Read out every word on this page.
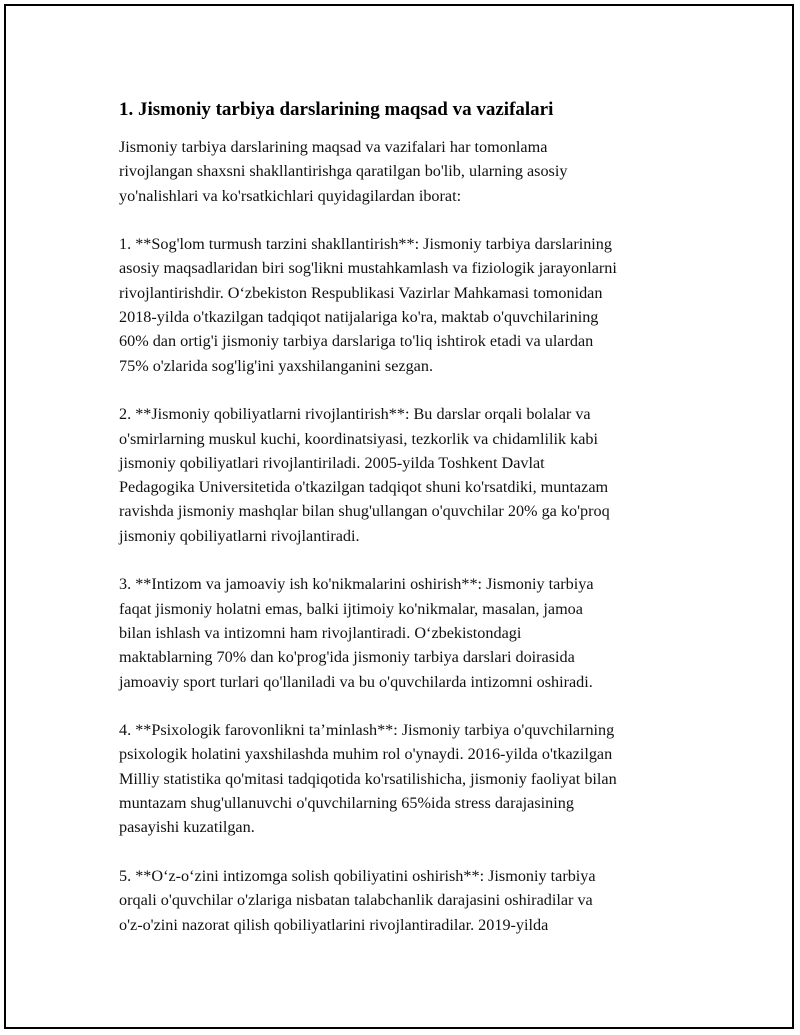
1. Jismoniy tarbiya darslarining maqsad va vazifalari

Jismoniy tarbiya darslarining maqsad va vazifalari har tomonlama
rivojlangan shaxsni shakllantirishga qaratilgan bo'lib, ularning asosiy
yo'nalishlari va ko'rsatkichlari quyidagilardan iborat:

1. **Sog'lom turmush tarzini shakllantirish**: Jismoniy tarbiya darslarining
asosiy maqsadlaridan biri sog'likni mustahkamlash va fiziologik jarayonlarni
rivojlantirishdir. O‘zbekiston Respublikasi Vazirlar Mahkamasi tomonidan
2018-yilda o'tkazilgan tadqiqot natijalariga ko'ra, maktab o'quvchilarining
60% dan ortig'i jismoniy tarbiya darslariga to'liq ishtirok etadi va ulardan
75% o'zlarida sog'lig'ini yaxshilanganini sezgan.

2. **Jismoniy qobiliyatlarni rivojlantirish**: Bu darslar orqali bolalar va
o'smirlarning muskul kuchi, koordinatsiyasi, tezkorlik va chidamlilik kabi
jismoniy qobiliyatlari rivojlantiriladi. 2005-yilda Toshkent Davlat
Pedagogika Universitetida o'tkazilgan tadqiqot shuni ko'rsatdiki, muntazam
ravishda jismoniy mashqlar bilan shug'ullangan o'quvchilar 20% ga ko'proq
jismoniy qobiliyatlarni rivojlantiradi.

3. **Intizom va jamoaviy ish ko'nikmalarini oshirish**: Jismoniy tarbiya
faqat jismoniy holatni emas, balki ijtimoiy ko'nikmalar, masalan, jamoa
bilan ishlash va intizomni ham rivojlantiradi. O‘zbekistondagi
maktablarning 70% dan ko'prog'ida jismoniy tarbiya darslari doirasida
jamoaviy sport turlari qo'llaniladi va bu o'quvchilarda intizomni oshiradi.

4. **Psixologik farovonlikni ta’minlash**: Jismoniy tarbiya o'quvchilarning
psixologik holatini yaxshilashda muhim rol o'ynaydi. 2016-yilda o'tkazilgan
Milliy statistika qo'mitasi tadqiqotida ko'rsatilishicha, jismoniy faoliyat bilan
muntazam shug'ullanuvchi o'quvchilarning 65%ida stress darajasining
pasayishi kuzatilgan.

5. **O‘z-o‘zini intizomga solish qobiliyatini oshirish**: Jismoniy tarbiya
orqali o'quvchilar o'zlariga nisbatan talabchanlik darajasini oshiradilar va
o'z-o'zini nazorat qilish qobiliyatlarini rivojlantiradilar. 2019-yilda
